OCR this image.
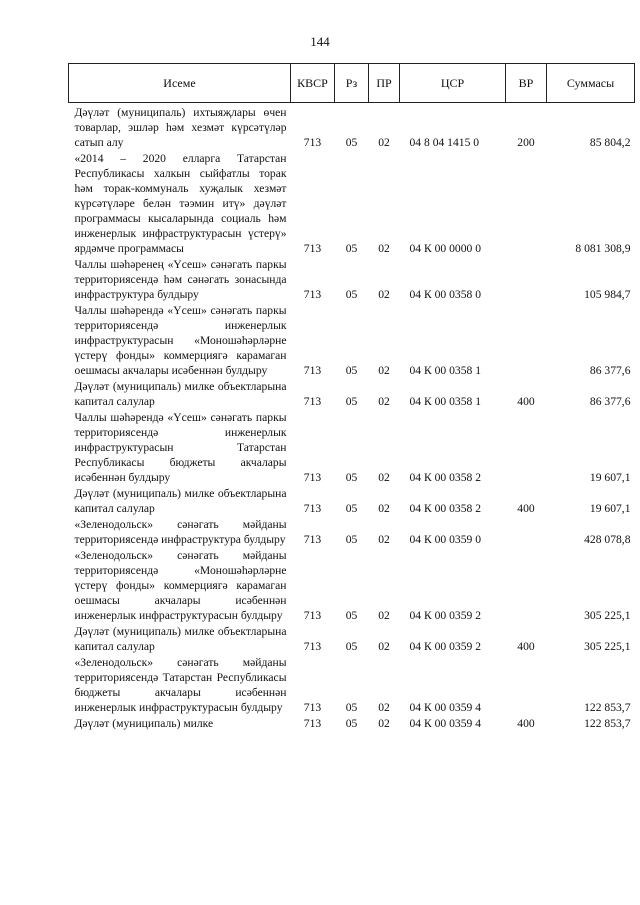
144
Исеме	КВСР	Рз	ПР	ЦСР	ВР	Суммасы
Дәүләт (муниципаль) ихтыяҗлары өчен товарлар, эшләр һәм хезмәт күрсәтүләр сатып алу	713	05	02	04 8 04 1415 0	200	85 804,2
«2014 – 2020 елларга Татарстан Республикасы халкын сыйфатлы торак һәм торак-коммуналь хуҗалык хезмәт күрсәтүләре белән тәэмин итү» дәүләт программасы кысаларында социаль һәм инженерлык инфраструктурасын үстерү» ярдәмче программасы	713	05	02	04 К 00 0000 0		8 081 308,9
Чаллы шәһәренең «Үсеш» сәнәгать паркы территориясендә һәм сәнәгать зонасында инфраструктура булдыру	713	05	02	04 К 00 0358 0		105 984,7
Чаллы шәһәрендә «Үсеш» сәнәгать паркы территориясендә инженерлык инфраструктурасын «Моношәһәрләрне үстерү фонды» коммерциягә карамаган оешмасы акчалары исәбеннән булдыру	713	05	02	04 К 00 0358 1		86 377,6
Дәүләт (муниципаль) милке объектларына капитал салулар	713	05	02	04 К 00 0358 1	400	86 377,6
Чаллы шәһәрендә «Үсеш» сәнәгать паркы территориясендә инженерлык инфраструктурасын Татарстан Республикасы бюджеты акчалары исәбеннән булдыру	713	05	02	04 К 00 0358 2		19 607,1
Дәүләт (муниципаль) милке объектларына капитал салулар	713	05	02	04 К 00 0358 2	400	19 607,1
«Зеленодольск» сәнәгать мәйданы территориясендә инфраструктура булдыру	713	05	02	04 К 00 0359 0		428 078,8
«Зеленодольск» сәнәгать мәйданы территориясендә «Моношәһәрләрне үстерү фонды» коммерциягә карамаган оешмасы акчалары исәбеннән инженерлык инфраструктурасын булдыру	713	05	02	04 К 00 0359 2		305 225,1
Дәүләт (муниципаль) милке объектларына капитал салулар	713	05	02	04 К 00 0359 2	400	305 225,1
«Зеленодольск» сәнәгать мәйданы территориясендә Татарстан Республикасы бюджеты акчалары исәбеннән инженерлык инфраструктурасын булдыру	713	05	02	04 К 00 0359 4		122 853,7
Дәүләт (муниципаль) милке	713	05	02	04 К 00 0359 4	400	122 853,7
